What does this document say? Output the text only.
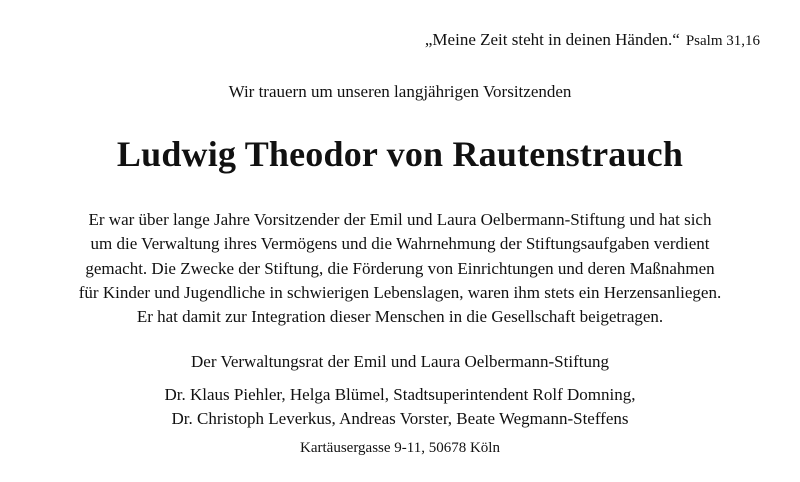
„Meine Zeit steht in deinen Händen.“ Psalm 31,16
Wir trauern um unseren langjährigen Vorsitzenden
Ludwig Theodor von Rautenstrauch
Er war über lange Jahre Vorsitzender der Emil und Laura Oelbermann-Stiftung und hat sich
um die Verwaltung ihres Vermögens und die Wahrnehmung der Stiftungsaufgaben verdient
gemacht. Die Zwecke der Stiftung, die Förderung von Einrichtungen und deren Maßnahmen
für Kinder und Jugendliche in schwierigen Lebenslagen, waren ihm stets ein Herzensanliegen.
Er hat damit zur Integration dieser Menschen in die Gesellschaft beigetragen.
Der Verwaltungsrat der Emil und Laura Oelbermann-Stiftung
Dr. Klaus Piehler, Helga Blümel, Stadtsuperintendent Rolf Domning,
Dr. Christoph Leverkus, Andreas Vorster, Beate Wegmann-Steffens
Kartäusergasse 9-11, 50678 Köln
